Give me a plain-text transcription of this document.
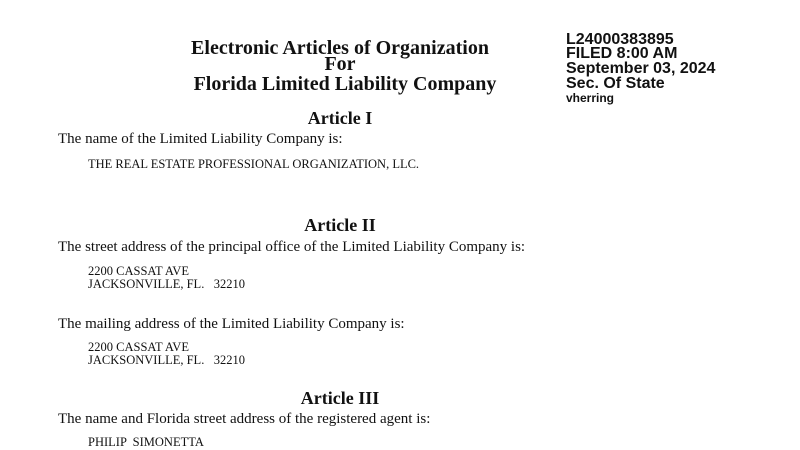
Electronic Articles of Organization
For
Florida Limited Liability Company
L24000383895
FILED 8:00 AM
September 03, 2024
Sec. Of State
vherring
Article I
The name of the Limited Liability Company is:
THE REAL ESTATE PROFESSIONAL ORGANIZATION, LLC.
Article II
The street address of the principal office of the Limited Liability Company is:
2200 CASSAT AVE
JACKSONVILLE, FL.   32210
The mailing address of the Limited Liability Company is:
2200 CASSAT AVE
JACKSONVILLE, FL.   32210
Article III
The name and Florida street address of the registered agent is:
PHILIP  SIMONETTA
